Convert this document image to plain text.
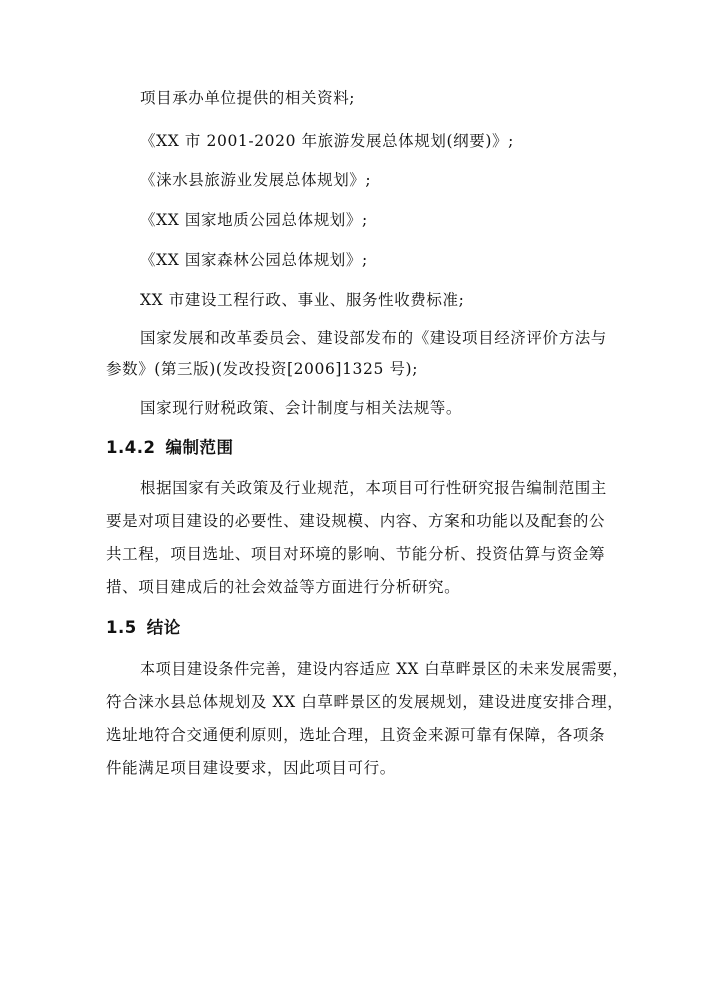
项目承办单位提供的相关资料;
《XX 市 2001-2020 年旅游发展总体规划(纲要)》;
《涞水县旅游业发展总体规划》;
《XX 国家地质公园总体规划》;
《XX 国家森林公园总体规划》;
XX 市建设工程行政、事业、服务性收费标准;
国家发展和改革委员会、建设部发布的《建设项目经济评价方法与
参数》(第三版)(发改投资[2006]1325 号);
国家现行财税政策、会计制度与相关法规等。
1.4.2 编制范围
根据国家有关政策及行业规范，本项目可行性研究报告编制范围主
要是对项目建设的必要性、建设规模、内容、方案和功能以及配套的公
共工程，项目选址、项目对环境的影响、节能分析、投资估算与资金筹
措、项目建成后的社会效益等方面进行分析研究。
1.5 结论
本项目建设条件完善，建设内容适应 XX 白草畔景区的未来发展需要，
符合涞水县总体规划及 XX 白草畔景区的发展规划，建设进度安排合理，
选址地符合交通便利原则，选址合理，且资金来源可靠有保障，各项条
件能满足项目建设要求，因此项目可行。
